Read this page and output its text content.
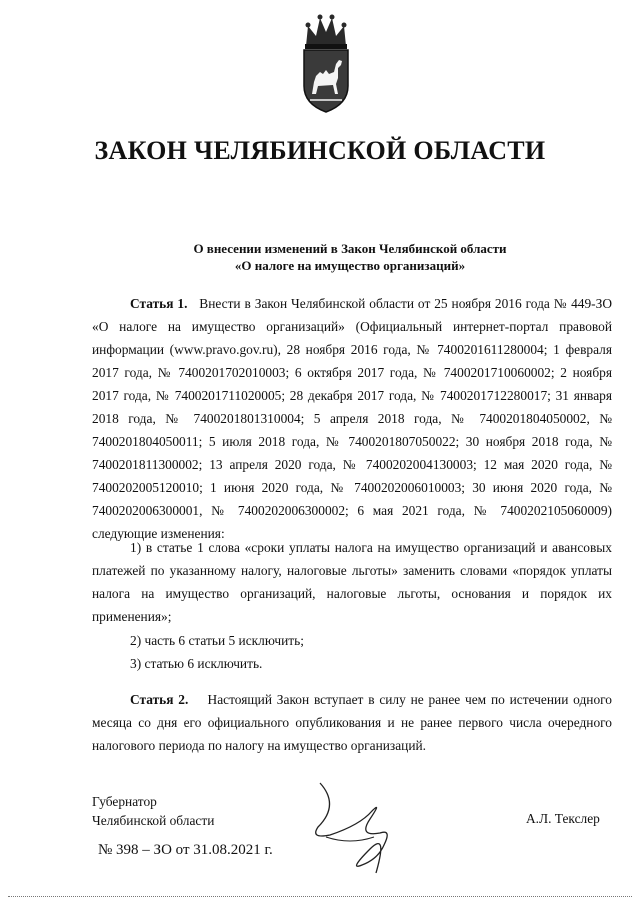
ЗАКОН ЧЕЛЯБИНСКОЙ ОБЛАСТИ
О внесении изменений в Закон Челябинской области
«О налоге на имущество организаций»
Статья 1. Внести в Закон Челябинской области от 25 ноября 2016 года № 449-ЗО «О налоге на имущество организаций» (Официальный интернет-портал правовой информации (www.pravo.gov.ru), 28 ноября 2016 года, № 7400201611280004; 1 февраля 2017 года, № 7400201702010003; 6 октября 2017 года, № 7400201710060002; 2 ноября 2017 года, № 7400201711020005; 28 декабря 2017 года, № 7400201712280017; 31 января 2018 года, № 7400201801310004; 5 апреля 2018 года, № 7400201804050002, № 7400201804050011; 5 июля 2018 года, № 7400201807050022; 30 ноября 2018 года, № 7400201811300002; 13 апреля 2020 года, № 7400202004130003; 12 мая 2020 года, № 7400202005120010; 1 июня 2020 года, № 7400202006010003; 30 июня 2020 года, № 7400202006300001, № 7400202006300002; 6 мая 2021 года, № 7400202105060009) следующие изменения:
1) в статье 1 слова «сроки уплаты налога на имущество организаций и авансовых платежей по указанному налогу, налоговые льготы» заменить словами «порядок уплаты налога на имущество организаций, налоговые льготы, основания и порядок их применения»;
2) часть 6 статьи 5 исключить;
3) статью 6 исключить.
Статья 2. Настоящий Закон вступает в силу не ранее чем по истечении одного месяца со дня его официального опубликования и не ранее первого числа очередного налогового периода по налогу на имущество организаций.
Губернатор
Челябинской области	А.Л. Текслер
№ 398 – ЗО от 31.08.2021 г.
